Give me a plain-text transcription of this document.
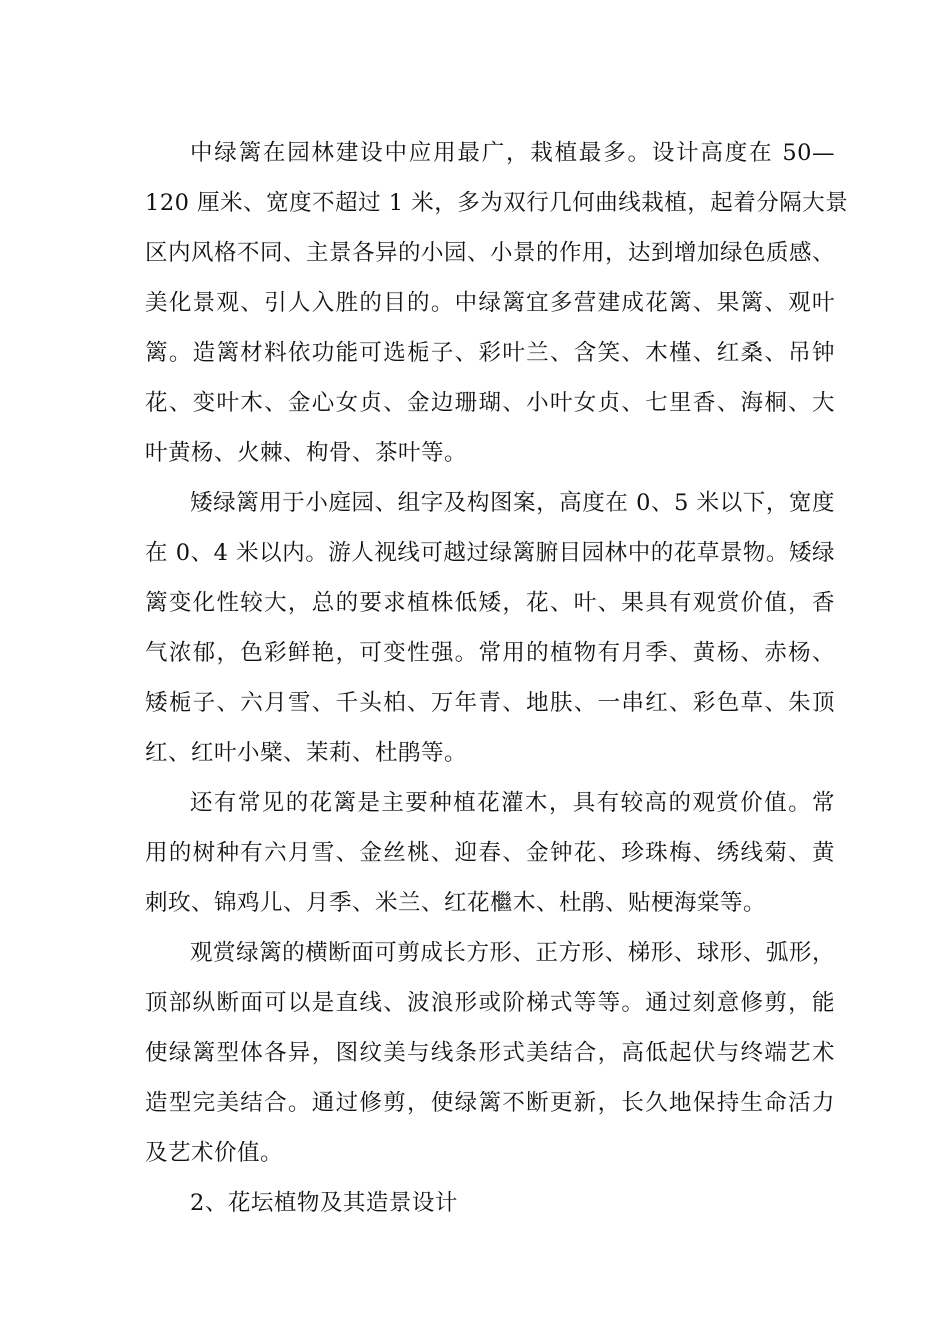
中绿篱在园林建设中应用最广，栽植最多。设计高度在 50—
120 厘米、宽度不超过 1 米，多为双行几何曲线栽植，起着分隔大景
区内风格不同、主景各异的小园、小景的作用，达到增加绿色质感、
美化景观、引人入胜的目的。中绿篱宜多营建成花篱、果篱、观叶
篱。造篱材料依功能可选栀子、彩叶兰、含笑、木槿、红桑、吊钟
花、变叶木、金心女贞、金边珊瑚、小叶女贞、七里香、海桐、大
叶黄杨、火棘、枸骨、茶叶等。
矮绿篱用于小庭园、组字及构图案，高度在 0、5 米以下，宽度
在 0、4 米以内。游人视线可越过绿篱腑目园林中的花草景物。矮绿
篱变化性较大，总的要求植株低矮，花、叶、果具有观赏价值，香
气浓郁，色彩鲜艳，可变性强。常用的植物有月季、黄杨、赤杨、
矮栀子、六月雪、千头柏、万年青、地肤、一串红、彩色草、朱顶
红、红叶小檗、茉莉、杜鹃等。
还有常见的花篱是主要种植花灌木，具有较高的观赏价值。常
用的树种有六月雪、金丝桃、迎春、金钟花、珍珠梅、绣线菊、黄
刺玫、锦鸡儿、月季、米兰、红花檵木、杜鹃、贴梗海棠等。
观赏绿篱的横断面可剪成长方形、正方形、梯形、球形、弧形，
顶部纵断面可以是直线、波浪形或阶梯式等等。通过刻意修剪，能
使绿篱型体各异，图纹美与线条形式美结合，高低起伏与终端艺术
造型完美结合。通过修剪，使绿篱不断更新，长久地保持生命活力
及艺术价值。

2、花坛植物及其造景设计
